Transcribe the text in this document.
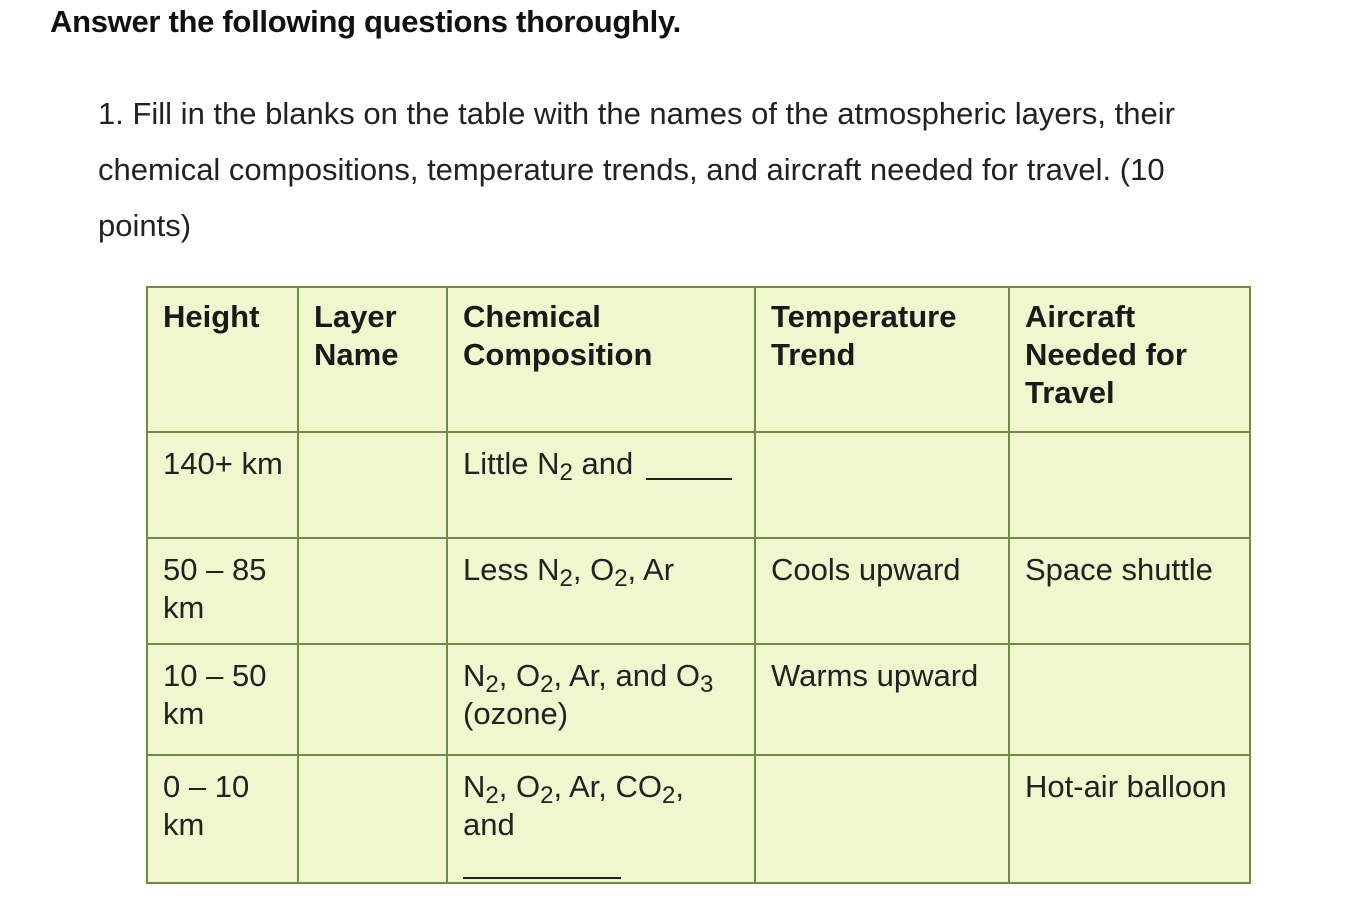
Answer the following questions thoroughly.

1. Fill in the blanks on the table with the names of the atmospheric layers, their chemical compositions, temperature trends, and aircraft needed for travel. (10 points)

Height	Layer Name	Chemical Composition	Temperature Trend	Aircraft Needed for Travel
140+ km		Little $N_2$ and		
50 – 85 km		Less $N_2$, $O_2$, Ar	Cools upward	Space shuttle
10 – 50 km		$N_2$, $O_2$, Ar, and $O_3$ (ozone)	Warms upward	
0 – 10 km		$N_2$, $O_2$, Ar, $CO_2$, and		Hot-air balloon
